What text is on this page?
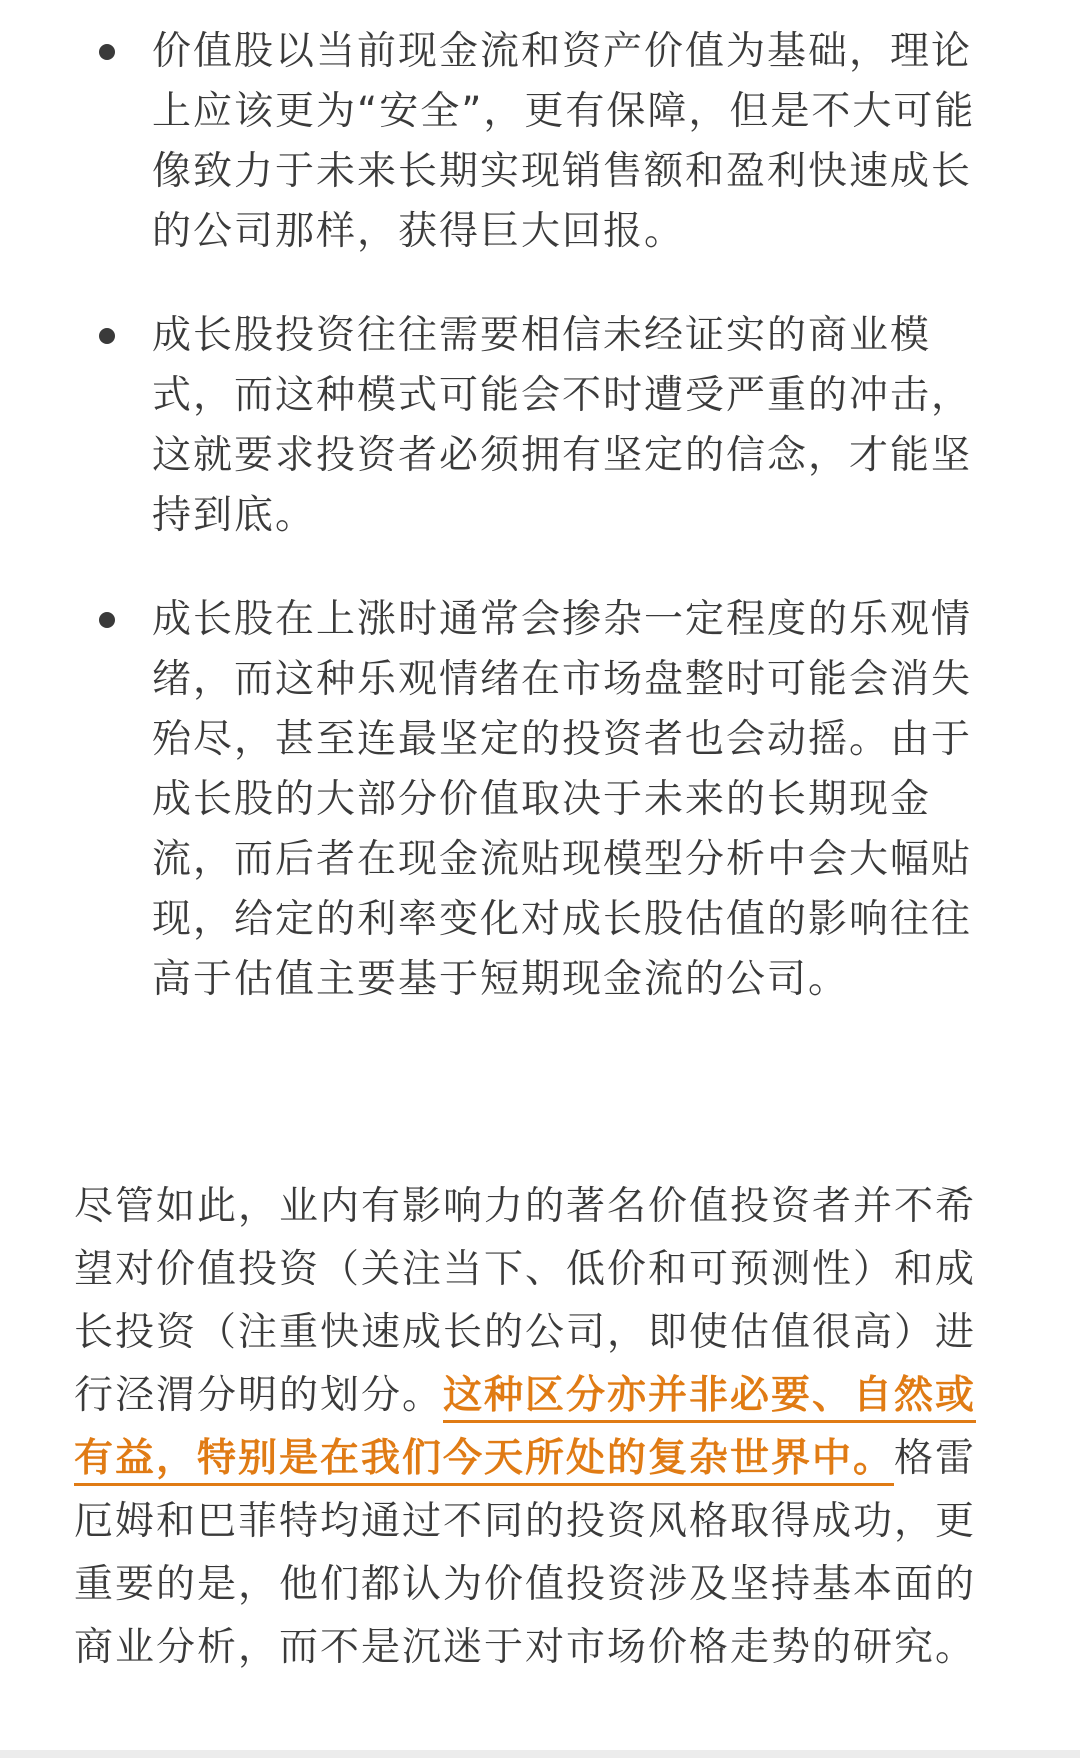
价值股以当前现金流和资产价值为基础，理论上应该更为“安全”，更有保障，但是不大可能像致力于未来长期实现销售额和盈利快速成长的公司那样，获得巨大回报。
成长股投资往往需要相信未经证实的商业模式，而这种模式可能会不时遭受严重的冲击，这就要求投资者必须拥有坚定的信念，才能坚持到底。
成长股在上涨时通常会掺杂一定程度的乐观情绪，而这种乐观情绪在市场盘整时可能会消失殆尽，甚至连最坚定的投资者也会动摇。由于成长股的大部分价值取决于未来的长期现金流，而后者在现金流贴现模型分析中会大幅贴现，给定的利率变化对成长股估值的影响往往高于估值主要基于短期现金流的公司。

尽管如此，业内有影响力的著名价值投资者并不希望对价值投资（关注当下、低价和可预测性）和成长投资（注重快速成长的公司，即使估值很高）进行泾渭分明的划分。这种区分亦并非必要、自然或有益，特别是在我们今天所处的复杂世界中。格雷厄姆和巴菲特均通过不同的投资风格取得成功，更重要的是，他们都认为价值投资涉及坚持基本面的商业分析，而不是沉迷于对市场价格走势的研究。
